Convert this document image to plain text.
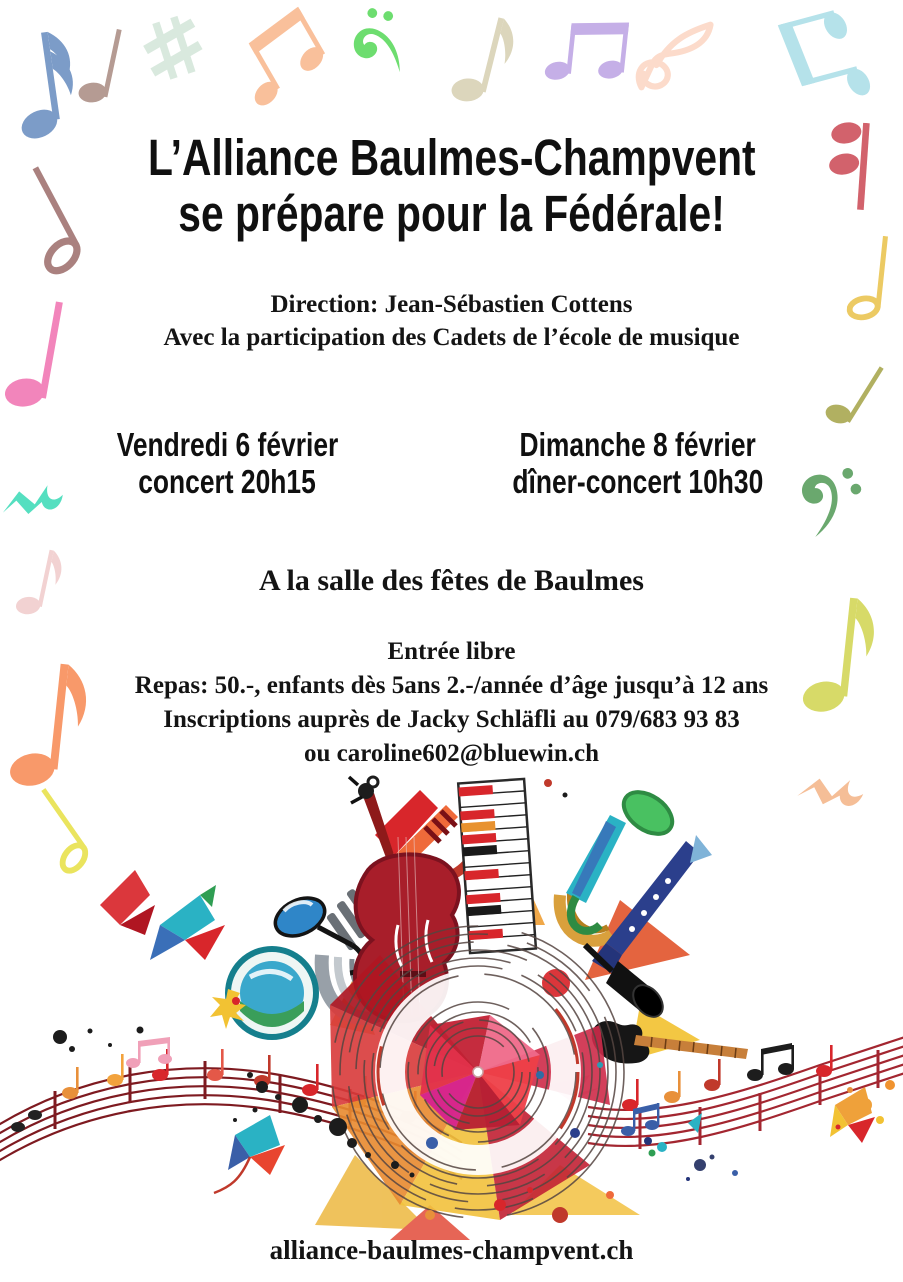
L’Alliance Baulmes-Champvent
se prépare pour la Fédérale!
Direction: Jean-Sébastien Cottens
Avec la participation des Cadets de l’école de musique
Vendredi 6 février
concert 20h15
Dimanche 8 février
dîner-concert 10h30
A la salle des fêtes de Baulmes
Entrée libre
Repas: 50.-, enfants dès 5ans 2.-/année d’âge jusqu’à 12 ans
Inscriptions auprès de Jacky Schläfli au 079/683 93 83
ou caroline602@bluewin.ch
alliance-baulmes-champvent.ch
